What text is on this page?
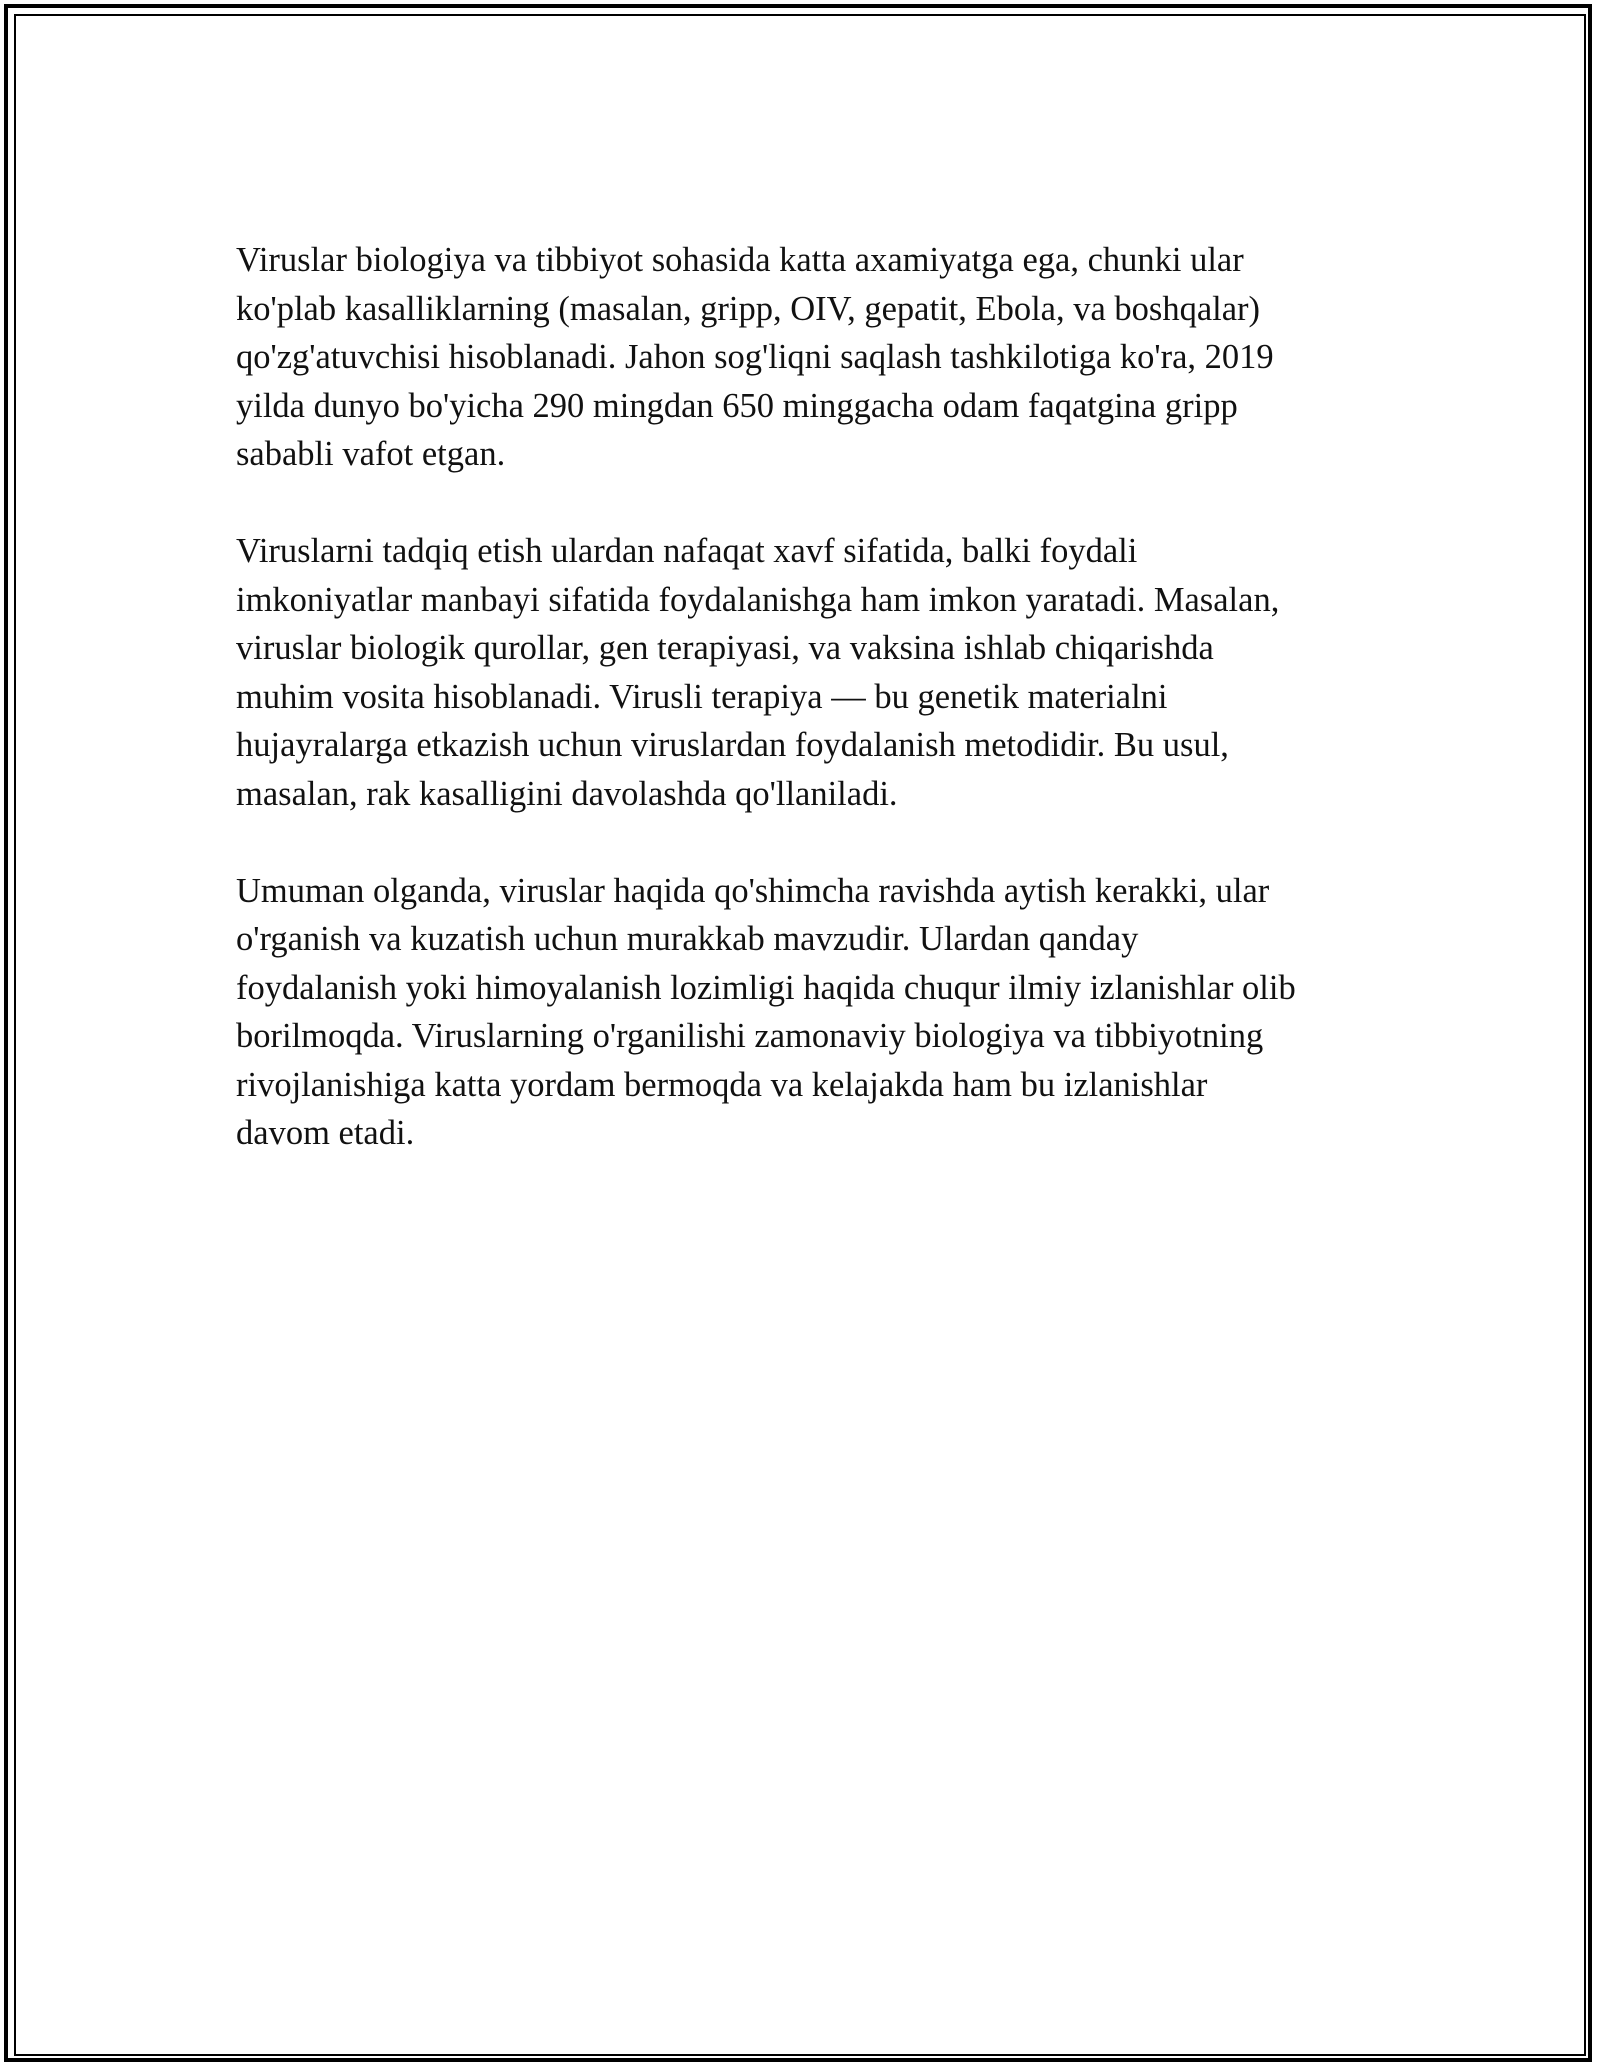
Viruslar biologiya va tibbiyot sohasida katta axamiyatga ega, chunki ular
ko'plab kasalliklarning (masalan, gripp, OIV, gepatit, Ebola, va boshqalar)
qo'zg'atuvchisi hisoblanadi. Jahon sog'liqni saqlash tashkilotiga ko'ra, 2019
yilda dunyo bo'yicha 290 mingdan 650 minggacha odam faqatgina gripp
sababli vafot etgan.

Viruslarni tadqiq etish ulardan nafaqat xavf sifatida, balki foydali
imkoniyatlar manbayi sifatida foydalanishga ham imkon yaratadi. Masalan,
viruslar biologik qurollar, gen terapiyasi, va vaksina ishlab chiqarishda
muhim vosita hisoblanadi. Virusli terapiya — bu genetik materialni
hujayralarga etkazish uchun viruslardan foydalanish metodidir. Bu usul,
masalan, rak kasalligini davolashda qo'llaniladi.

Umuman olganda, viruslar haqida qo'shimcha ravishda aytish kerakki, ular
o'rganish va kuzatish uchun murakkab mavzudir. Ulardan qanday
foydalanish yoki himoyalanish lozimligi haqida chuqur ilmiy izlanishlar olib
borilmoqda. Viruslarning o'rganilishi zamonaviy biologiya va tibbiyotning
rivojlanishiga katta yordam bermoqda va kelajakda ham bu izlanishlar
davom etadi.
